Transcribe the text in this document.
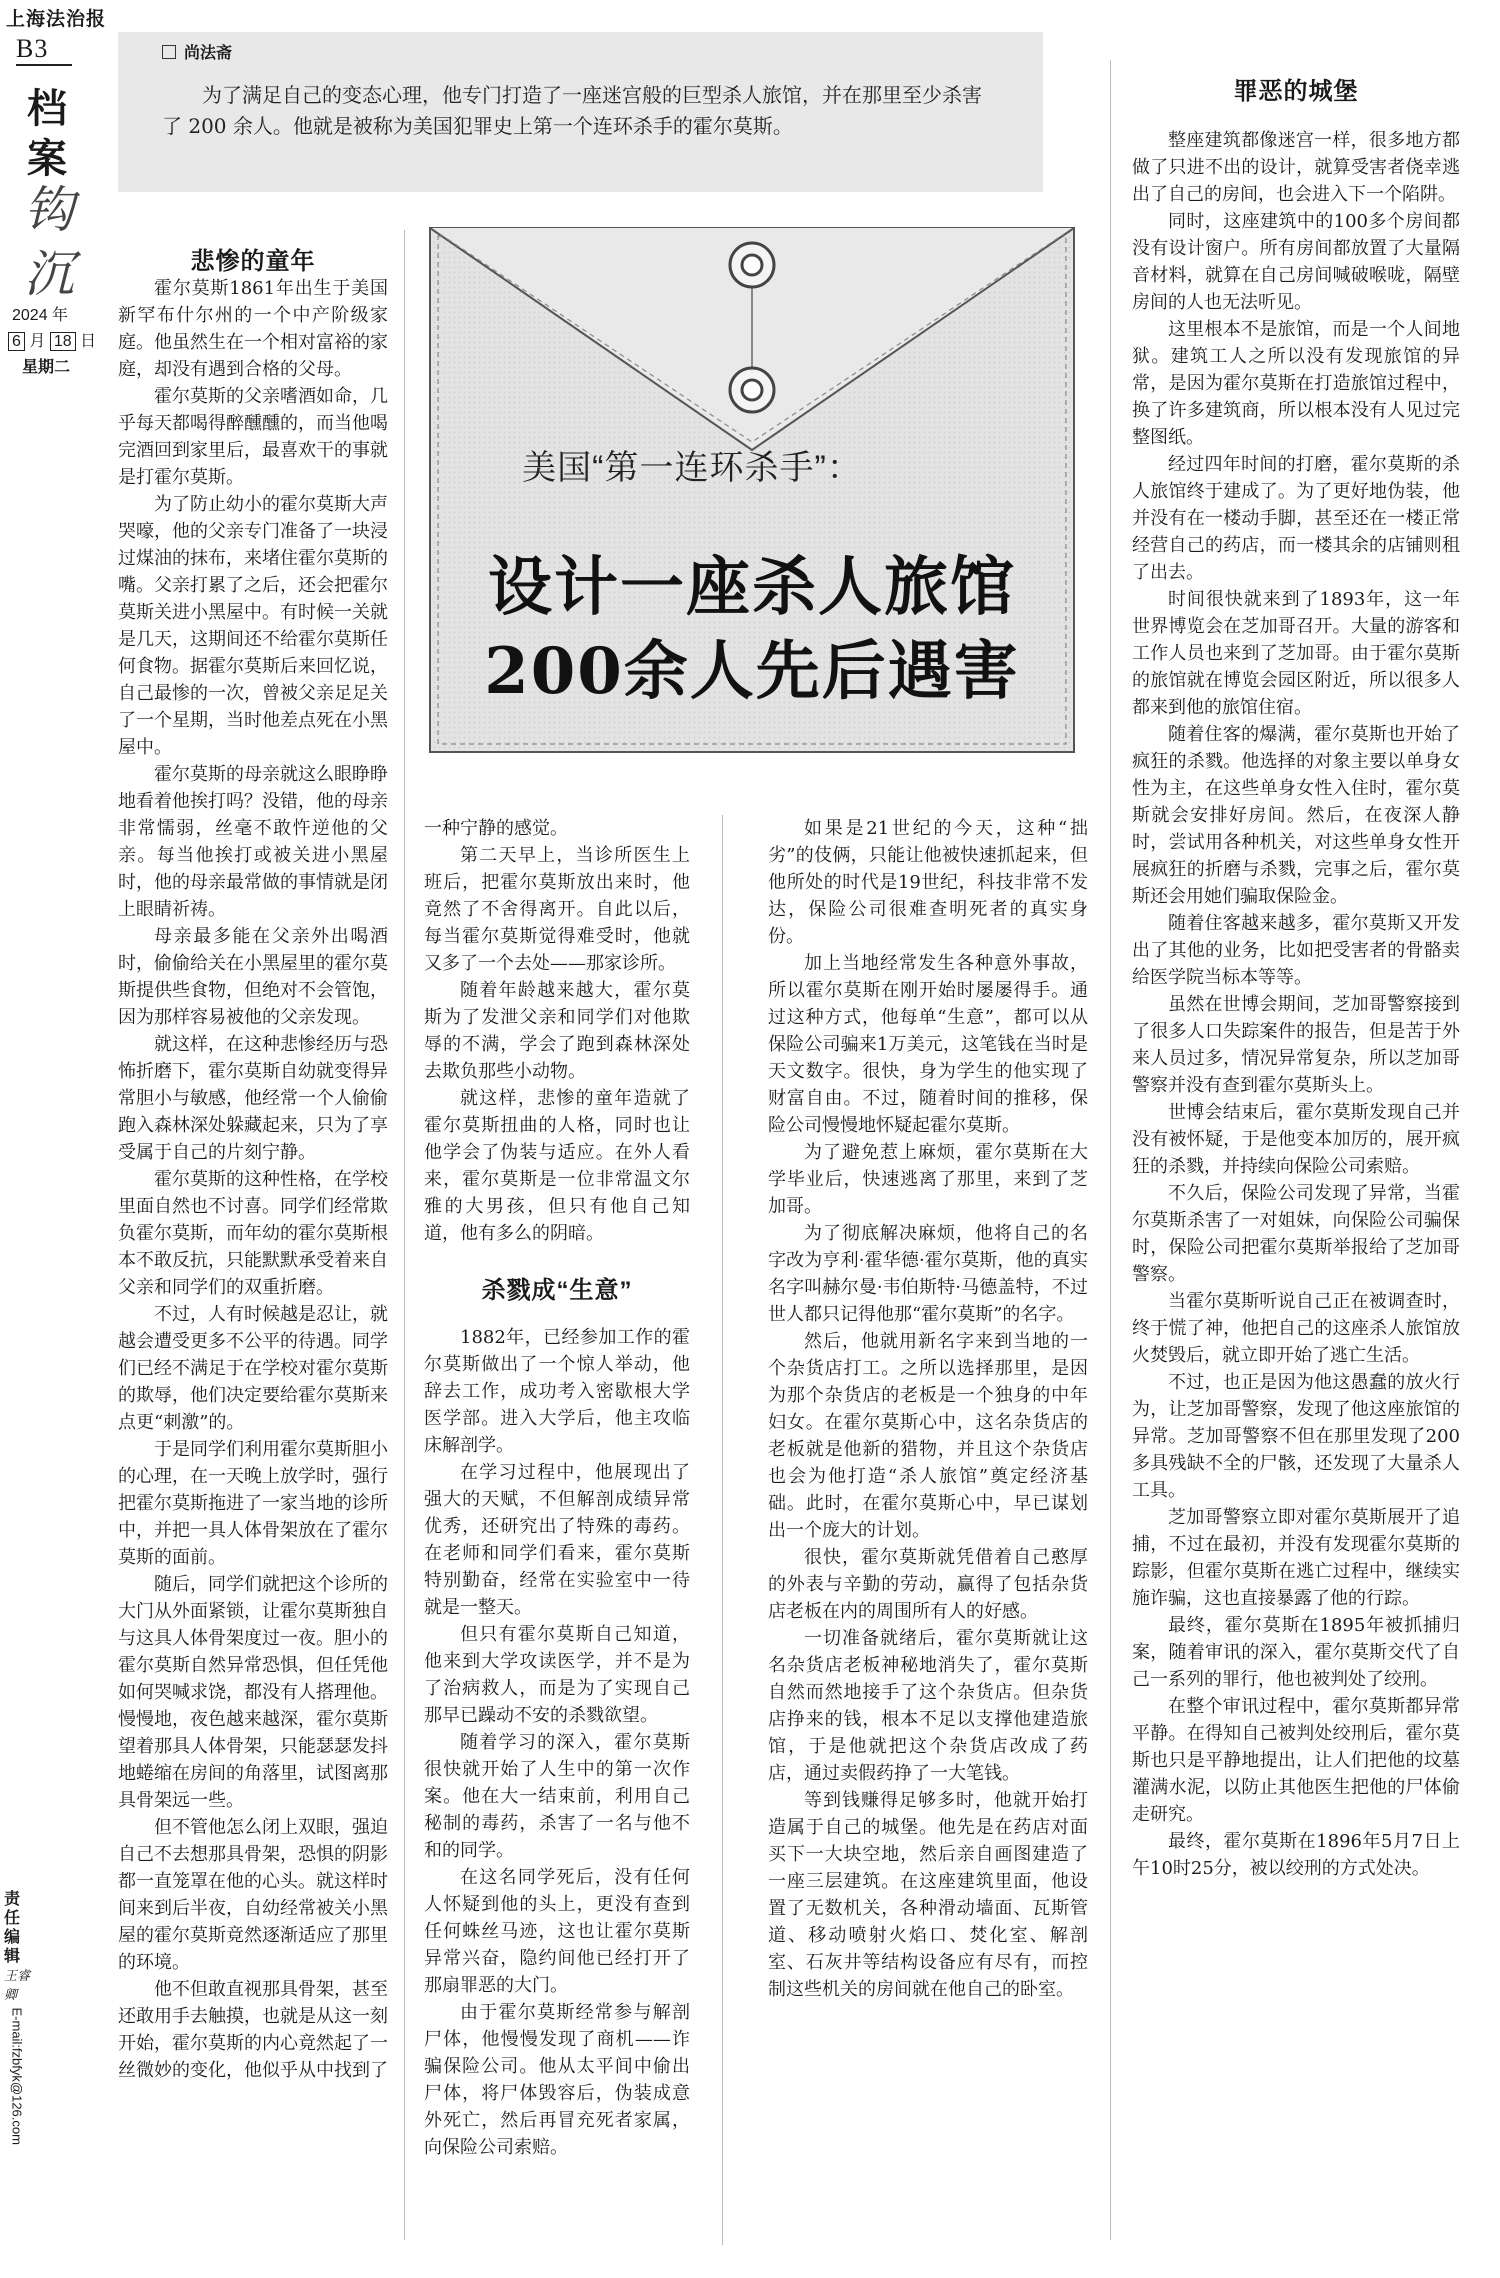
上海法治报
B3
档
案
钩
沉
2024 年
6 月 18 日
星期二
责任编辑
王睿卿
E-mail:fzbfyk@126.com
尚法斋
为了满足自己的变态心理，他专门打造了一座迷宫般的巨型杀人旅馆，并在那里至少杀害了 200 余人。他就是被称为美国犯罪史上第一个连环杀手的霍尔莫斯。
美国“第一连环杀手”：
设计一座杀人旅馆
200余人先后遇害
悲惨的童年

霍尔莫斯1861年出生于美国新罕布什尔州的一个中产阶级家庭。他虽然生在一个相对富裕的家庭，却没有遇到合格的父母。

霍尔莫斯的父亲嗜酒如命，几乎每天都喝得醉醺醺的，而当他喝完酒回到家里后，最喜欢干的事就是打霍尔莫斯。

为了防止幼小的霍尔莫斯大声哭嚎，他的父亲专门准备了一块浸过煤油的抹布，来堵住霍尔莫斯的嘴。父亲打累了之后，还会把霍尔莫斯关进小黑屋中。有时候一关就是几天，这期间还不给霍尔莫斯任何食物。据霍尔莫斯后来回忆说，自己最惨的一次，曾被父亲足足关了一个星期，当时他差点死在小黑屋中。

霍尔莫斯的母亲就这么眼睁睁地看着他挨打吗？没错，他的母亲非常懦弱，丝毫不敢忤逆他的父亲。每当他挨打或被关进小黑屋时，他的母亲最常做的事情就是闭上眼睛祈祷。

母亲最多能在父亲外出喝酒时，偷偷给关在小黑屋里的霍尔莫斯提供些食物，但绝对不会管饱，因为那样容易被他的父亲发现。

就这样，在这种悲惨经历与恐怖折磨下，霍尔莫斯自幼就变得异常胆小与敏感，他经常一个人偷偷跑入森林深处躲藏起来，只为了享受属于自己的片刻宁静。

霍尔莫斯的这种性格，在学校里面自然也不讨喜。同学们经常欺负霍尔莫斯，而年幼的霍尔莫斯根本不敢反抗，只能默默承受着来自父亲和同学们的双重折磨。

不过，人有时候越是忍让，就越会遭受更多不公平的待遇。同学们已经不满足于在学校对霍尔莫斯的欺辱，他们决定要给霍尔莫斯来点更“刺激”的。

于是同学们利用霍尔莫斯胆小的心理，在一天晚上放学时，强行把霍尔莫斯拖进了一家当地的诊所中，并把一具人体骨架放在了霍尔莫斯的面前。

随后，同学们就把这个诊所的大门从外面紧锁，让霍尔莫斯独自与这具人体骨架度过一夜。胆小的霍尔莫斯自然异常恐惧，但任凭他如何哭喊求饶，都没有人搭理他。慢慢地，夜色越来越深，霍尔莫斯望着那具人体骨架，只能瑟瑟发抖地蜷缩在房间的角落里，试图离那具骨架远一些。

但不管他怎么闭上双眼，强迫自己不去想那具骨架，恐惧的阴影都一直笼罩在他的心头。就这样时间来到后半夜，自幼经常被关小黑屋的霍尔莫斯竟然逐渐适应了那里的环境。

他不但敢直视那具骨架，甚至还敢用手去触摸，也就是从这一刻开始，霍尔莫斯的内心竟然起了一丝微妙的变化，他似乎从中找到了

一种宁静的感觉。

第二天早上，当诊所医生上班后，把霍尔莫斯放出来时，他竟然了不舍得离开。自此以后，每当霍尔莫斯觉得难受时，他就又多了一个去处——那家诊所。

随着年龄越来越大，霍尔莫斯为了发泄父亲和同学们对他欺辱的不满，学会了跑到森林深处去欺负那些小动物。

就这样，悲惨的童年造就了霍尔莫斯扭曲的人格，同时也让他学会了伪装与适应。在外人看来，霍尔莫斯是一位非常温文尔雅的大男孩，但只有他自己知道，他有多么的阴暗。

杀戮成“生意”

1882年，已经参加工作的霍尔莫斯做出了一个惊人举动，他辞去工作，成功考入密歇根大学医学部。进入大学后，他主攻临床解剖学。

在学习过程中，他展现出了强大的天赋，不但解剖成绩异常优秀，还研究出了特殊的毒药。在老师和同学们看来，霍尔莫斯特别勤奋，经常在实验室中一待就是一整天。

但只有霍尔莫斯自己知道，他来到大学攻读医学，并不是为了治病救人，而是为了实现自己那早已躁动不安的杀戮欲望。

随着学习的深入，霍尔莫斯很快就开始了人生中的第一次作案。他在大一结束前，利用自己秘制的毒药，杀害了一名与他不和的同学。

在这名同学死后，没有任何人怀疑到他的头上，更没有查到任何蛛丝马迹，这也让霍尔莫斯异常兴奋，隐约间他已经打开了那扇罪恶的大门。

由于霍尔莫斯经常参与解剖尸体，他慢慢发现了商机——诈骗保险公司。他从太平间中偷出尸体，将尸体毁容后，伪装成意外死亡，然后再冒充死者家属，向保险公司索赔。

如果是21世纪的今天，这种“拙劣”的伎俩，只能让他被快速抓起来，但他所处的时代是19世纪，科技非常不发达，保险公司很难查明死者的真实身份。

加上当地经常发生各种意外事故，所以霍尔莫斯在刚开始时屡屡得手。通过这种方式，他每单“生意”，都可以从保险公司骗来1万美元，这笔钱在当时是天文数字。很快，身为学生的他实现了财富自由。不过，随着时间的推移，保险公司慢慢地怀疑起霍尔莫斯。

为了避免惹上麻烦，霍尔莫斯在大学毕业后，快速逃离了那里，来到了芝加哥。

为了彻底解决麻烦，他将自己的名字改为亨利·霍华德·霍尔莫斯，他的真实名字叫赫尔曼·韦伯斯特·马德盖特，不过世人都只记得他那“霍尔莫斯”的名字。

然后，他就用新名字来到当地的一个杂货店打工。之所以选择那里，是因为那个杂货店的老板是一个独身的中年妇女。在霍尔莫斯心中，这名杂货店的老板就是他新的猎物，并且这个杂货店也会为他打造“杀人旅馆”奠定经济基础。此时，在霍尔莫斯心中，早已谋划出一个庞大的计划。

很快，霍尔莫斯就凭借着自己憨厚的外表与辛勤的劳动，赢得了包括杂货店老板在内的周围所有人的好感。

一切准备就绪后，霍尔莫斯就让这名杂货店老板神秘地消失了，霍尔莫斯自然而然地接手了这个杂货店。但杂货店挣来的钱，根本不足以支撑他建造旅馆，于是他就把这个杂货店改成了药店，通过卖假药挣了一大笔钱。

等到钱赚得足够多时，他就开始打造属于自己的城堡。他先是在药店对面买下一大块空地，然后亲自画图建造了一座三层建筑。在这座建筑里面，他设置了无数机关，各种滑动墙面、瓦斯管道、移动喷射火焰口、焚化室、解剖室、石灰井等结构设备应有尽有，而控制这些机关的房间就在他自己的卧室。

罪恶的城堡

整座建筑都像迷宫一样，很多地方都做了只进不出的设计，就算受害者侥幸逃出了自己的房间，也会进入下一个陷阱。

同时，这座建筑中的100多个房间都没有设计窗户。所有房间都放置了大量隔音材料，就算在自己房间喊破喉咙，隔壁房间的人也无法听见。

这里根本不是旅馆，而是一个人间地狱。建筑工人之所以没有发现旅馆的异常，是因为霍尔莫斯在打造旅馆过程中，换了许多建筑商，所以根本没有人见过完整图纸。

经过四年时间的打磨，霍尔莫斯的杀人旅馆终于建成了。为了更好地伪装，他并没有在一楼动手脚，甚至还在一楼正常经营自己的药店，而一楼其余的店铺则租了出去。

时间很快就来到了1893年，这一年世界博览会在芝加哥召开。大量的游客和工作人员也来到了芝加哥。由于霍尔莫斯的旅馆就在博览会园区附近，所以很多人都来到他的旅馆住宿。

随着住客的爆满，霍尔莫斯也开始了疯狂的杀戮。他选择的对象主要以单身女性为主，在这些单身女性入住时，霍尔莫斯就会安排好房间。然后，在夜深人静时，尝试用各种机关，对这些单身女性开展疯狂的折磨与杀戮，完事之后，霍尔莫斯还会用她们骗取保险金。

随着住客越来越多，霍尔莫斯又开发出了其他的业务，比如把受害者的骨骼卖给医学院当标本等等。

虽然在世博会期间，芝加哥警察接到了很多人口失踪案件的报告，但是苦于外来人员过多，情况异常复杂，所以芝加哥警察并没有查到霍尔莫斯头上。

世博会结束后，霍尔莫斯发现自己并没有被怀疑，于是他变本加厉的，展开疯狂的杀戮，并持续向保险公司索赔。

不久后，保险公司发现了异常，当霍尔莫斯杀害了一对姐妹，向保险公司骗保时，保险公司把霍尔莫斯举报给了芝加哥警察。

当霍尔莫斯听说自己正在被调查时，终于慌了神，他把自己的这座杀人旅馆放火焚毁后，就立即开始了逃亡生活。

不过，也正是因为他这愚蠢的放火行为，让芝加哥警察，发现了他这座旅馆的异常。芝加哥警察不但在那里发现了200多具残缺不全的尸骸，还发现了大量杀人工具。

芝加哥警察立即对霍尔莫斯展开了追捕，不过在最初，并没有发现霍尔莫斯的踪影，但霍尔莫斯在逃亡过程中，继续实施诈骗，这也直接暴露了他的行踪。

最终，霍尔莫斯在1895年被抓捕归案，随着审讯的深入，霍尔莫斯交代了自己一系列的罪行，他也被判处了绞刑。

在整个审讯过程中，霍尔莫斯都异常平静。在得知自己被判处绞刑后，霍尔莫斯也只是平静地提出，让人们把他的坟墓灌满水泥，以防止其他医生把他的尸体偷走研究。

最终，霍尔莫斯在1896年5月7日上午10时25分，被以绞刑的方式处决。
